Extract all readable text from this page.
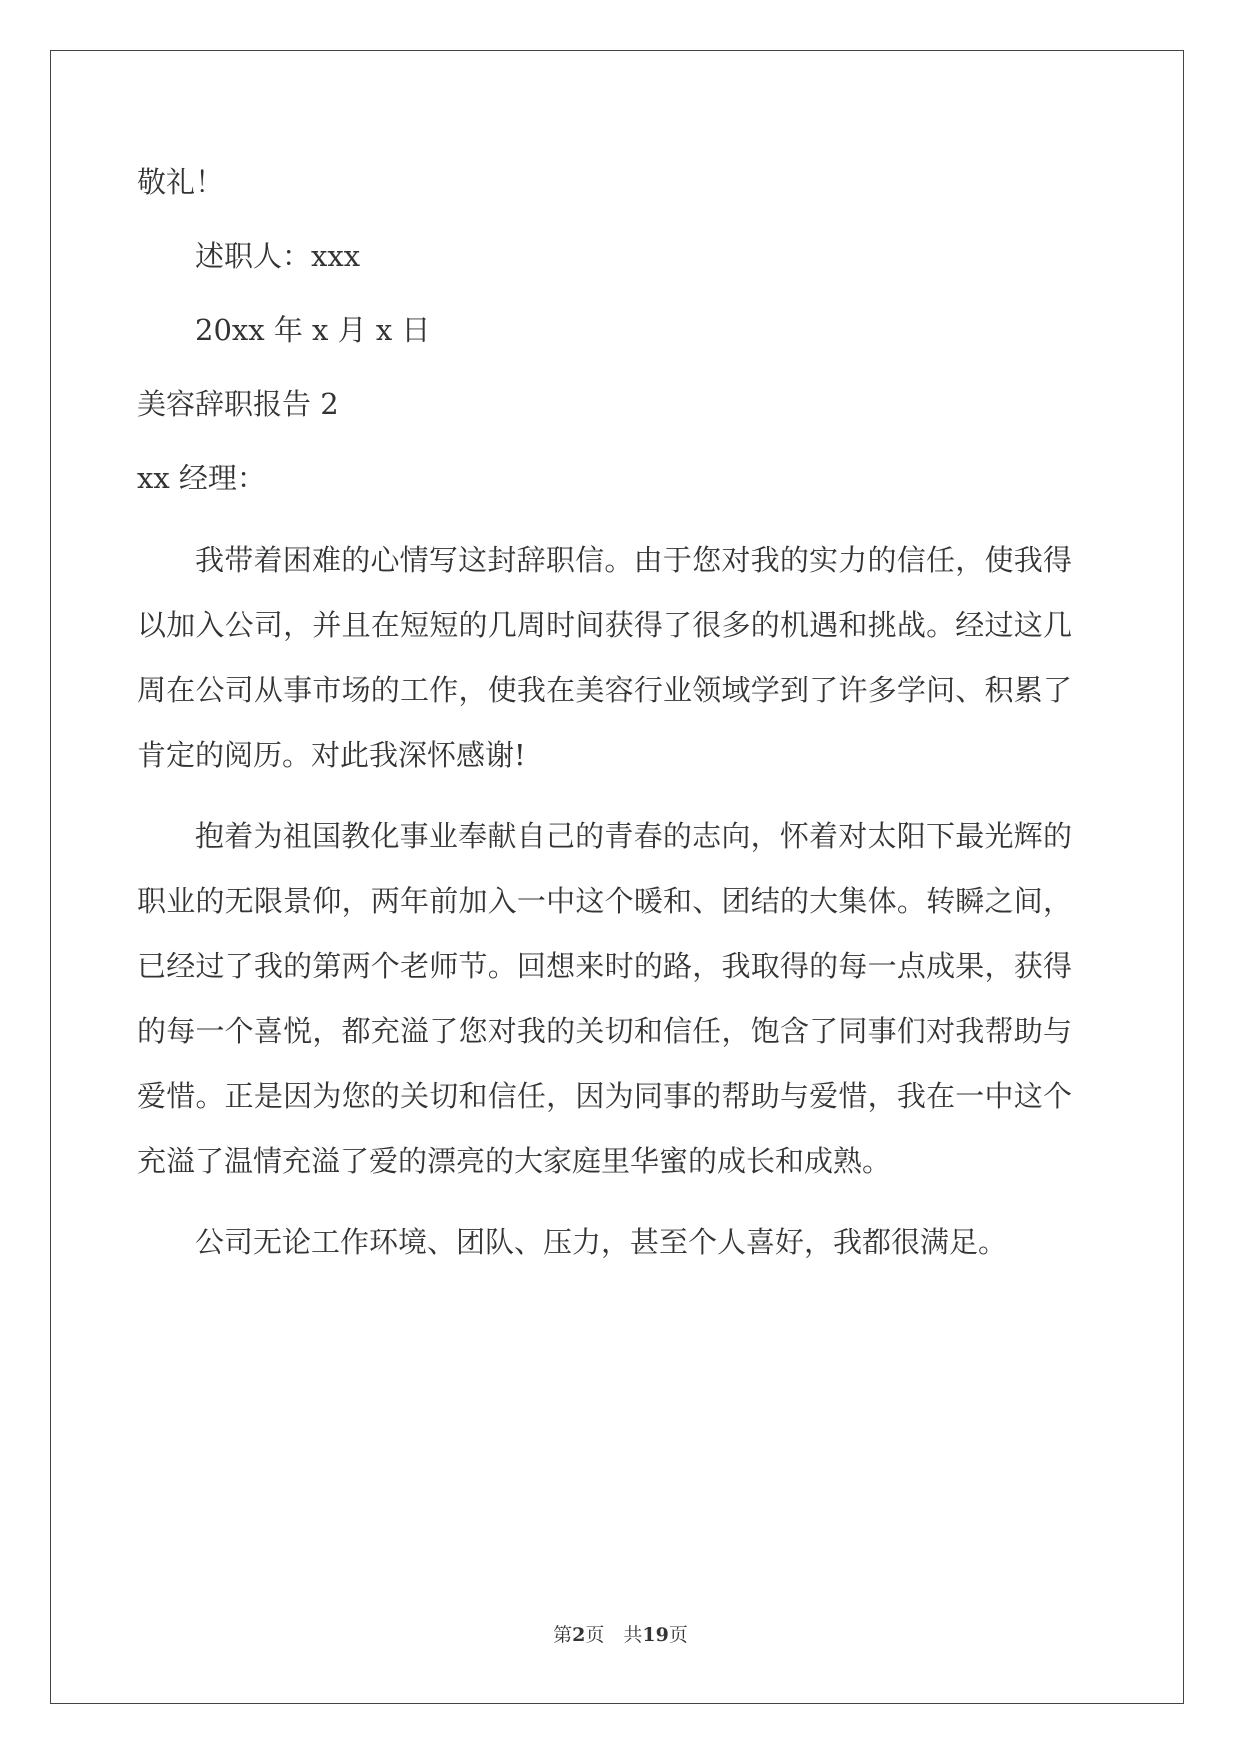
敬礼！
述职人：xxx
20xx 年 x 月 x 日
美容辞职报告 2
xx 经理：

我带着困难的心情写这封辞职信。由于您对我的实力的信任，使我得以加入公司，并且在短短的几周时间获得了很多的机遇和挑战。经过这几周在公司从事市场的工作，使我在美容行业领域学到了许多学问、积累了肯定的阅历。对此我深怀感谢!

抱着为祖国教化事业奉献自己的青春的志向，怀着对太阳下最光辉的职业的无限景仰，两年前加入一中这个暖和、团结的大集体。转瞬之间，已经过了我的第两个老师节。回想来时的路，我取得的每一点成果，获得的每一个喜悦，都充溢了您对我的关切和信任，饱含了同事们对我帮助与爱惜。正是因为您的关切和信任，因为同事的帮助与爱惜，我在一中这个充溢了温情充溢了爱的漂亮的大家庭里华蜜的成长和成熟。

公司无论工作环境、团队、压力，甚至个人喜好，我都很满足。

第2页　共19页
